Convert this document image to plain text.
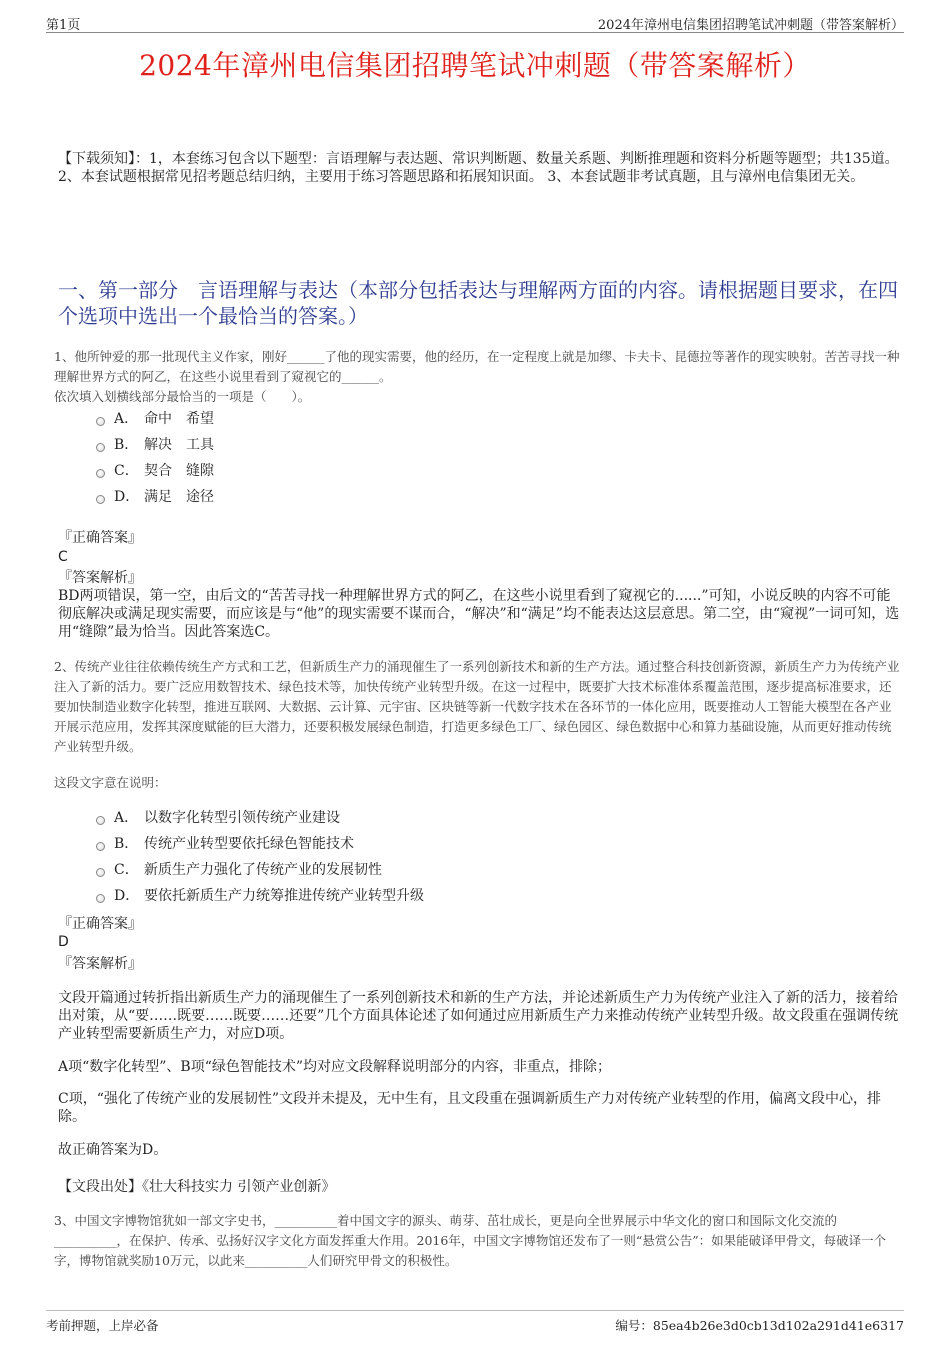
第1页	2024年漳州电信集团招聘笔试冲刺题（带答案解析）
2024年漳州电信集团招聘笔试冲刺题（带答案解析）
【下载须知】：1，本套练习包含以下题型：言语理解与表达题、常识判断题、数量关系题、判断推理题和资料分析题等题型；共135道。 2、本套试题根据常见招考题总结归纳，主要用于练习答题思路和拓展知识面。 3、本套试题非考试真题，且与漳州电信集团无关。
一、第一部分　言语理解与表达（本部分包括表达与理解两方面的内容。请根据题目要求，在四个选项中选出一个最恰当的答案。）
1、他所钟爱的那一批现代主义作家，刚好______了他的现实需要，他的经历，在一定程度上就是加缪、卡夫卡、昆德拉等著作的现实映射。苦苦寻找一种理解世界方式的阿乙，在这些小说里看到了窥视它的______。
依次填入划横线部分最恰当的一项是（　　）。
A． 命中　希望
B． 解决　工具
C． 契合　缝隙
D． 满足　途径
『正确答案』
C
『答案解析』
BD两项错误，第一空，由后文的“苦苦寻找一种理解世界方式的阿乙，在这些小说里看到了窥视它的......”可知，小说反映的内容不可能彻底解决或满足现实需要，而应该是与“他”的现实需要不谋而合，“解决”和“满足”均不能表达这层意思。第二空，由“窥视”一词可知，选用“缝隙”最为恰当。因此答案选C。
2、传统产业往往依赖传统生产方式和工艺，但新质生产力的涌现催生了一系列创新技术和新的生产方法。通过整合科技创新资源，新质生产力为传统产业注入了新的活力。要广泛应用数智技术、绿色技术等，加快传统产业转型升级。在这一过程中，既要扩大技术标准体系覆盖范围，逐步提高标准要求，还要加快制造业数字化转型，推进互联网、大数据、云计算、元宇宙、区块链等新一代数字技术在各环节的一体化应用，既要推动人工智能大模型在各产业开展示范应用，发挥其深度赋能的巨大潜力，还要积极发展绿色制造，打造更多绿色工厂、绿色园区、绿色数据中心和算力基础设施，从而更好推动传统产业转型升级。
这段文字意在说明：
A． 以数字化转型引领传统产业建设
B． 传统产业转型要依托绿色智能技术
C． 新质生产力强化了传统产业的发展韧性
D． 要依托新质生产力统筹推进传统产业转型升级
『正确答案』
D
『答案解析』
文段开篇通过转折指出新质生产力的涌现催生了一系列创新技术和新的生产方法，并论述新质生产力为传统产业注入了新的活力，接着给出对策，从“要……既要……既要……还要”几个方面具体论述了如何通过应用新质生产力来推动传统产业转型升级。故文段重在强调传统产业转型需要新质生产力，对应D项。
A项“数字化转型”、B项“绿色智能技术”均对应文段解释说明部分的内容，非重点，排除；
C项，“强化了传统产业的发展韧性”文段并未提及，无中生有，且文段重在强调新质生产力对传统产业转型的作用，偏离文段中心，排除。
故正确答案为D。
【文段出处】《壮大科技实力 引领产业创新》
3、中国文字博物馆犹如一部文字史书，__________着中国文字的源头、萌芽、茁壮成长，更是向全世界展示中华文化的窗口和国际文化交流的__________，在保护、传承、弘扬好汉字文化方面发挥重大作用。2016年，中国文字博物馆还发布了一则“悬赏公告”：如果能破译甲骨文，每破译一个字，博物馆就奖励10万元，以此来__________人们研究甲骨文的积极性。
考前押题，上岸必备	编号：85ea4b26e3d0cb13d102a291d41e6317
